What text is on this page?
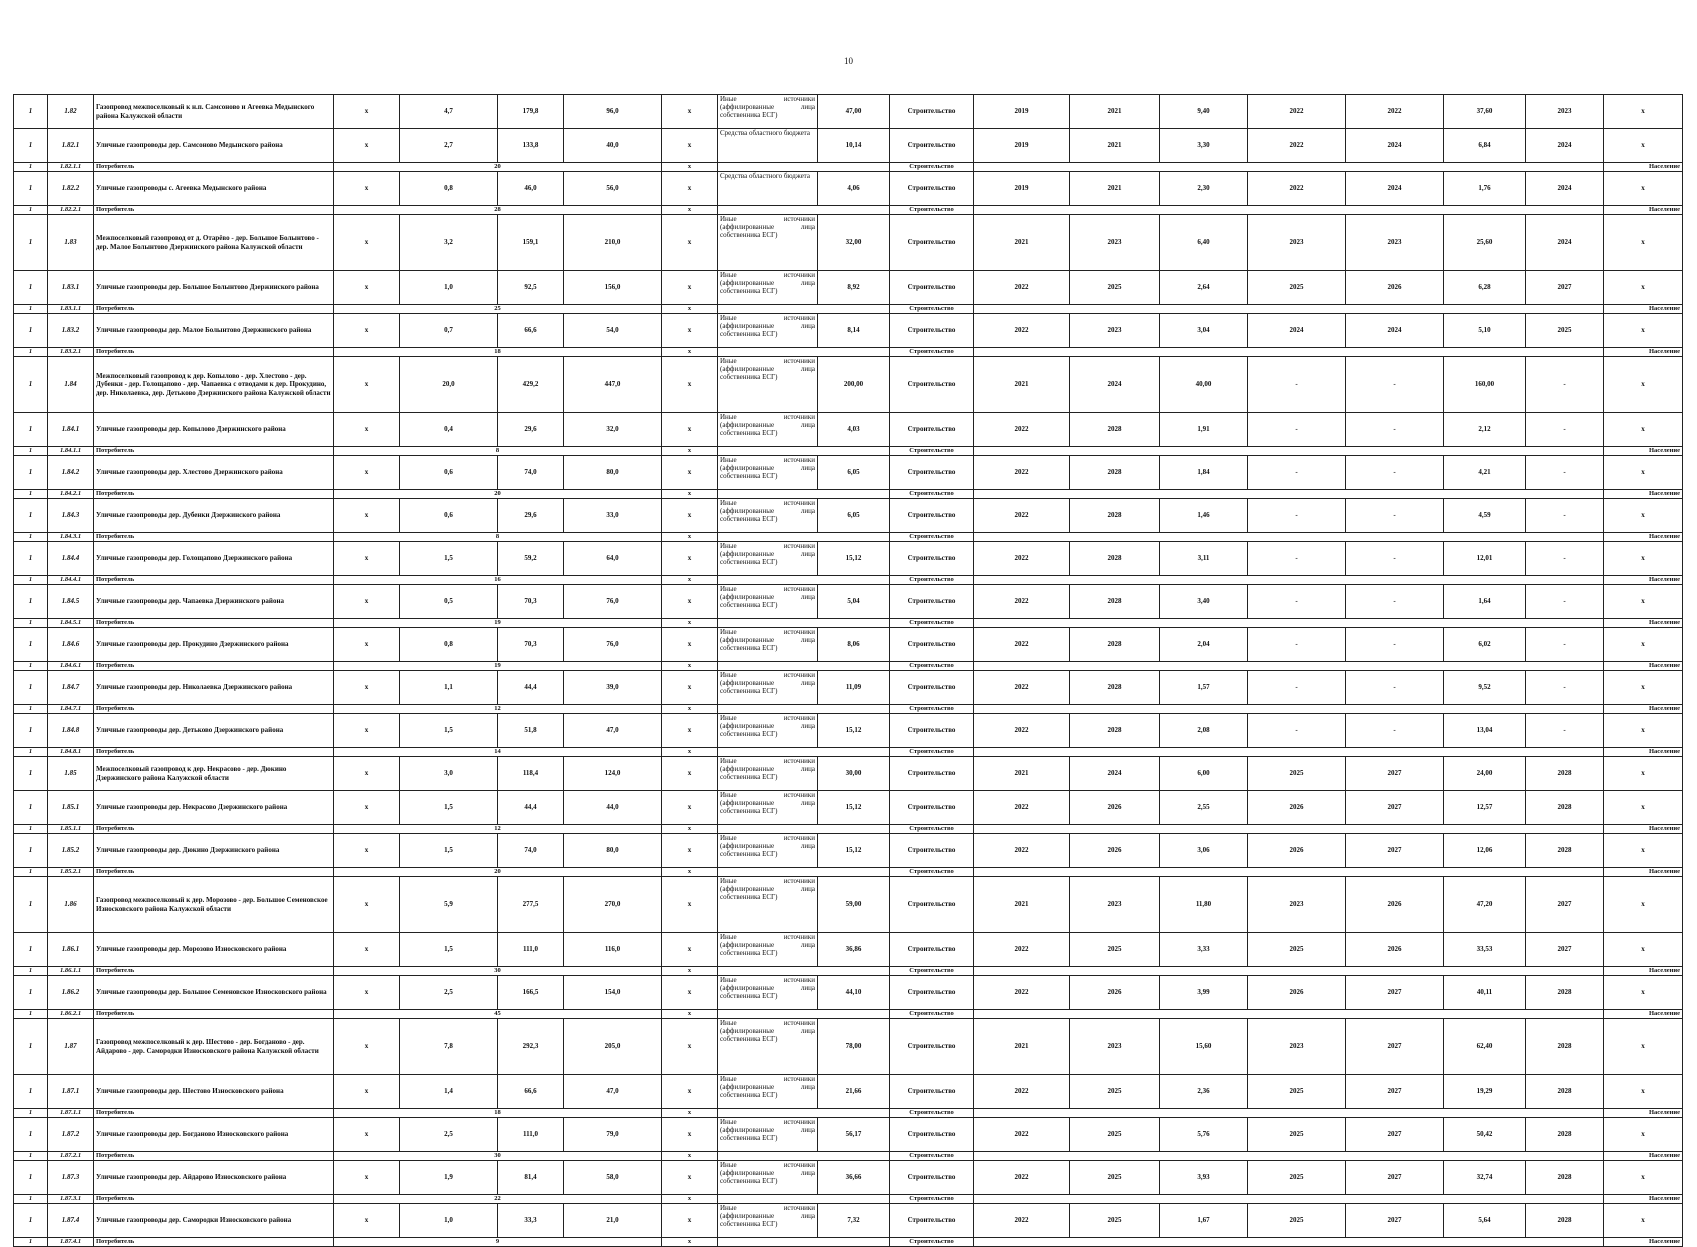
10
1	1.82	Газопровод межпоселковый к н.п. Самсоново и Агеевка Медынского района Калужской области	x	4,7	179,8	96,0	x	Иные источники (аффилированные лица собственника ЕСГ)	47,00	Строительство	2019	2021	9,40	2022	2022	37,60	2023	x
1	1.82.1	Уличные газопроводы дер. Самсоново Медынского района	x	2,7	133,8	40,0	x	Средства областного бюджета	10,14	Строительство	2019	2021	3,30	2022	2024	6,84	2024	x
1	1.82.1.1	Потребитель	20				x			Строительство								Население
1	1.82.2	Уличные газопроводы с. Агеевка Медынского района	x	0,8	46,0	56,0	x	Средства областного бюджета	4,06	Строительство	2019	2021	2,30	2022	2024	1,76	2024	x
1	1.82.2.1	Потребитель	28				x			Строительство								Население
1	1.83	Межпоселковый газопровод от д. Отарёво - дер. Большое Болынтово - дер. Малое Болынтово Дзержинского района Калужской области	x	3,2	159,1	210,0	x	Иные источники (аффилированные лица собственника ЕСГ)	32,00	Строительство	2021	2023	6,40	2023	2023	25,60	2024	x
1	1.83.1	Уличные газопроводы дер. Большое Болынтово Дзержинского района	x	1,0	92,5	156,0	x	Иные источники (аффилированные лица собственника ЕСГ)	8,92	Строительство	2022	2025	2,64	2025	2026	6,28	2027	x
1	1.83.1.1	Потребитель	25				x			Строительство								Население
1	1.83.2	Уличные газопроводы дер. Малое Болынтово Дзержинского района	x	0,7	66,6	54,0	x	Иные источники (аффилированные лица собственника ЕСГ)	8,14	Строительство	2022	2023	3,04	2024	2024	5,10	2025	x
1	1.83.2.1	Потребитель	18				x			Строительство								Население
1	1.84	Межпоселковый газопровод к дер. Копылово - дер. Хлестово - дер. Дубенки - дер. Голощапово - дер. Чапаевка с отводами к дер. Прокудино, дер. Николаевка, дер. Детьково Дзержинского района Калужской области	x	20,0	429,2	447,0	x	Иные источники (аффилированные лица собственника ЕСГ)	200,00	Строительство	2021	2024	40,00	-	-	160,00	-	x
1	1.84.1	Уличные газопроводы дер. Копылово Дзержинского района	x	0,4	29,6	32,0	x	Иные источники (аффилированные лица собственника ЕСГ)	4,03	Строительство	2022	2028	1,91	-	-	2,12	-	x
1	1.84.1.1	Потребитель	8				x			Строительство								Население
1	1.84.2	Уличные газопроводы дер. Хлестово Дзержинского района	x	0,6	74,0	80,0	x	Иные источники (аффилированные лица собственника ЕСГ)	6,05	Строительство	2022	2028	1,84	-	-	4,21	-	x
1	1.84.2.1	Потребитель	20				x			Строительство								Население
1	1.84.3	Уличные газопроводы дер. Дубенки Дзержинского района	x	0,6	29,6	33,0	x	Иные источники (аффилированные лица собственника ЕСГ)	6,05	Строительство	2022	2028	1,46	-	-	4,59	-	x
1	1.84.3.1	Потребитель	8				x			Строительство								Население
1	1.84.4	Уличные газопроводы дер. Голощапово Дзержинского района	x	1,5	59,2	64,0	x	Иные источники (аффилированные лица собственника ЕСГ)	15,12	Строительство	2022	2028	3,11	-	-	12,01	-	x
1	1.84.4.1	Потребитель	16				x			Строительство								Население
1	1.84.5	Уличные газопроводы дер. Чапаевка Дзержинского района	x	0,5	70,3	76,0	x	Иные источники (аффилированные лица собственника ЕСГ)	5,04	Строительство	2022	2028	3,40	-	-	1,64	-	x
1	1.84.5.1	Потребитель	19				x			Строительство								Население
1	1.84.6	Уличные газопроводы дер. Прокудино Дзержинского района	x	0,8	70,3	76,0	x	Иные источники (аффилированные лица собственника ЕСГ)	8,06	Строительство	2022	2028	2,04	-	-	6,02	-	x
1	1.84.6.1	Потребитель	19				x			Строительство								Население
1	1.84.7	Уличные газопроводы дер. Николаевка Дзержинского района	x	1,1	44,4	39,0	x	Иные источники (аффилированные лица собственника ЕСГ)	11,09	Строительство	2022	2028	1,57	-	-	9,52	-	x
1	1.84.7.1	Потребитель	12				x			Строительство								Население
1	1.84.8	Уличные газопроводы дер. Детьково Дзержинского района	x	1,5	51,8	47,0	x	Иные источники (аффилированные лица собственника ЕСГ)	15,12	Строительство	2022	2028	2,08	-	-	13,04	-	x
1	1.84.8.1	Потребитель	14				x			Строительство								Население
1	1.85	Межпоселковый газопровод к дер. Некрасово - дер. Дюкино Дзержинского района Калужской области	x	3,0	118,4	124,0	x	Иные источники (аффилированные лица собственника ЕСГ)	30,00	Строительство	2021	2024	6,00	2025	2027	24,00	2028	x
1	1.85.1	Уличные газопроводы дер. Некрасово Дзержинского района	x	1,5	44,4	44,0	x	Иные источники (аффилированные лица собственника ЕСГ)	15,12	Строительство	2022	2026	2,55	2026	2027	12,57	2028	x
1	1.85.1.1	Потребитель	12				x			Строительство								Население
1	1.85.2	Уличные газопроводы дер. Дюкино Дзержинского района	x	1,5	74,0	80,0	x	Иные источники (аффилированные лица собственника ЕСГ)	15,12	Строительство	2022	2026	3,06	2026	2027	12,06	2028	x
1	1.85.2.1	Потребитель	20				x			Строительство								Население
1	1.86	Газопровод межпоселковый к дер. Морозово - дер. Большое Семеновское Износковского района Калужской области	x	5,9	277,5	270,0	x	Иные источники (аффилированные лица собственника ЕСГ)	59,00	Строительство	2021	2023	11,80	2023	2026	47,20	2027	x
1	1.86.1	Уличные газопроводы дер. Морозово Износковского района	x	1,5	111,0	116,0	x	Иные источники (аффилированные лица собственника ЕСГ)	36,86	Строительство	2022	2025	3,33	2025	2026	33,53	2027	x
1	1.86.1.1	Потребитель	30				x			Строительство								Население
1	1.86.2	Уличные газопроводы дер. Большое Семеновское Износковского района	x	2,5	166,5	154,0	x	Иные источники (аффилированные лица собственника ЕСГ)	44,10	Строительство	2022	2026	3,99	2026	2027	40,11	2028	x
1	1.86.2.1	Потребитель	45				x			Строительство								Население
1	1.87	Газопровод межпоселковый к дер. Шестово - дер. Богданово - дер. Айдарово - дер. Самородки Износковского района Калужской области	x	7,8	292,3	205,0	x	Иные источники (аффилированные лица собственника ЕСГ)	78,00	Строительство	2021	2023	15,60	2023	2027	62,40	2028	x
1	1.87.1	Уличные газопроводы дер. Шестово Износковского района	x	1,4	66,6	47,0	x	Иные источники (аффилированные лица собственника ЕСГ)	21,66	Строительство	2022	2025	2,36	2025	2027	19,29	2028	x
1	1.87.1.1	Потребитель	18				x			Строительство								Население
1	1.87.2	Уличные газопроводы дер. Богданово Износковского района	x	2,5	111,0	79,0	x	Иные источники (аффилированные лица собственника ЕСГ)	56,17	Строительство	2022	2025	5,76	2025	2027	50,42	2028	x
1	1.87.2.1	Потребитель	30				x			Строительство								Население
1	1.87.3	Уличные газопроводы дер. Айдарово Износковского района	x	1,9	81,4	58,0	x	Иные источники (аффилированные лица собственника ЕСГ)	36,66	Строительство	2022	2025	3,93	2025	2027	32,74	2028	x
1	1.87.3.1	Потребитель	22				x			Строительство								Население
1	1.87.4	Уличные газопроводы дер. Самородки Износковского района	x	1,0	33,3	21,0	x	Иные источники (аффилированные лица собственника ЕСГ)	7,32	Строительство	2022	2025	1,67	2025	2027	5,64	2028	x
1	1.87.4.1	Потребитель	9				x			Строительство								Население
